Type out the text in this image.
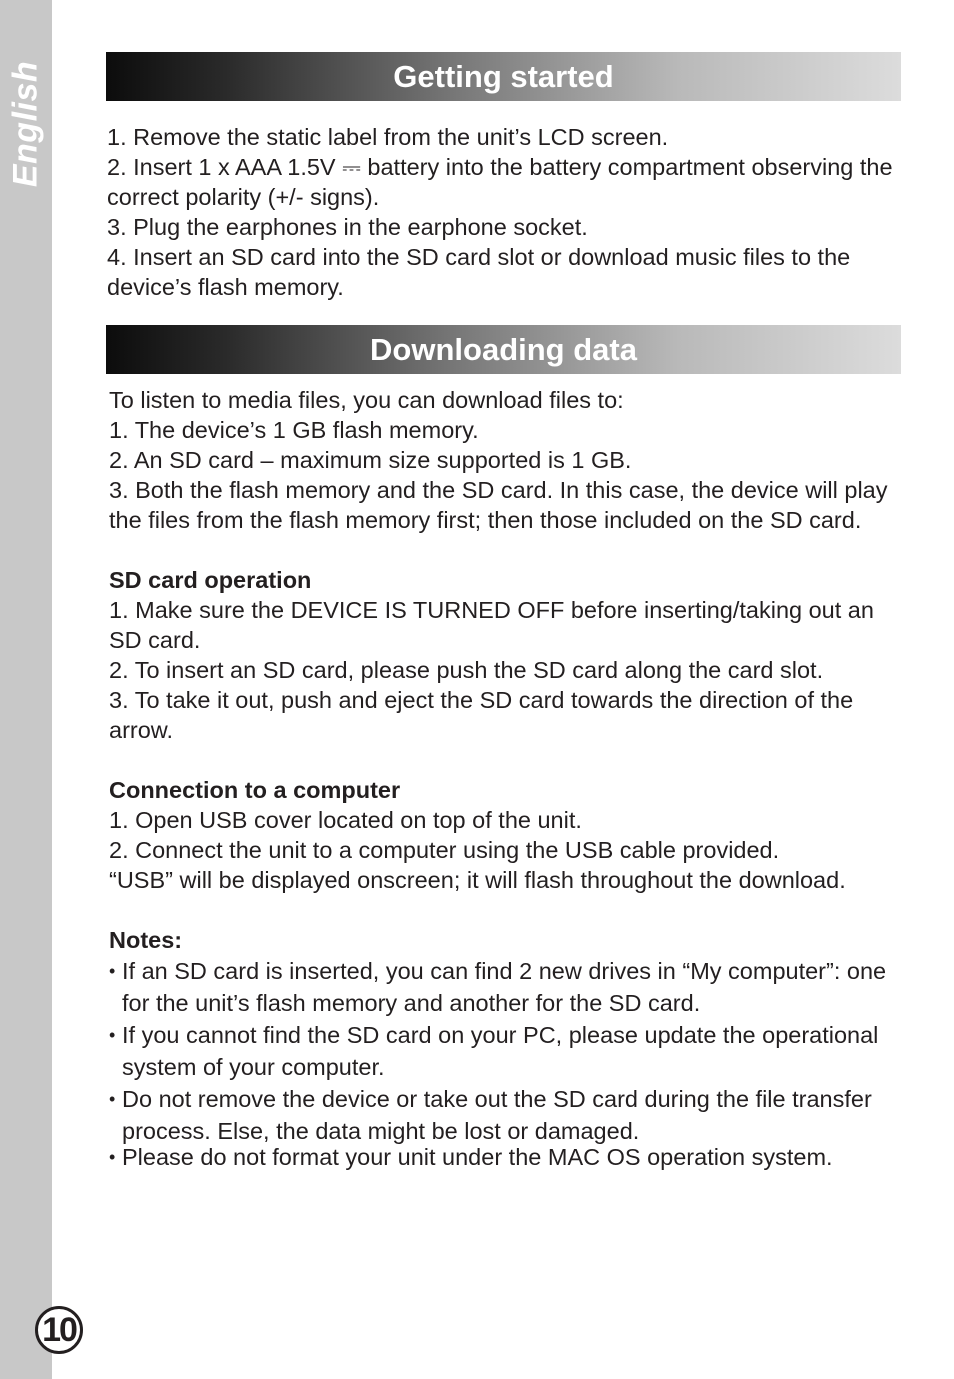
English
10
Getting started

1. Remove the static label from the unit’s LCD screen.

2. Insert 1 x AAA 1.5V ⎓ battery into the battery compartment observing the correct polarity (+/- signs).

3. Plug the earphones in the earphone socket.

4. Insert an SD card into the SD card slot or download music files to the device’s flash memory.

Downloading data

To listen to media files, you can download files to:

1. The device’s 1 GB flash memory.

2. An SD card – maximum size supported is 1 GB.

3. Both the flash memory and the SD card. In this case, the device will play the files from the flash memory first; then those included on the SD card.

SD card operation

1. Make sure the DEVICE IS TURNED OFF before inserting/taking out an SD card.

2. To insert an SD card, please push the SD card along the card slot.

3. To take it out, push and eject the SD card towards the direction of the arrow.

Connection to a computer

1. Open USB cover located on top of the unit.

2. Connect the unit to a computer using the USB cable provided.

“USB” will be displayed onscreen; it will flash throughout the download.

Notes:

• If an SD card is inserted, you can find 2 new drives in “My computer”: one for the unit’s flash memory and another for the SD card.
• If you cannot find the SD card on your PC, please update the operational system of your computer.
• Do not remove the device or take out the SD card during the file transfer process. Else, the data might be lost or damaged.
• Please do not format your unit under the MAC OS operation system.
